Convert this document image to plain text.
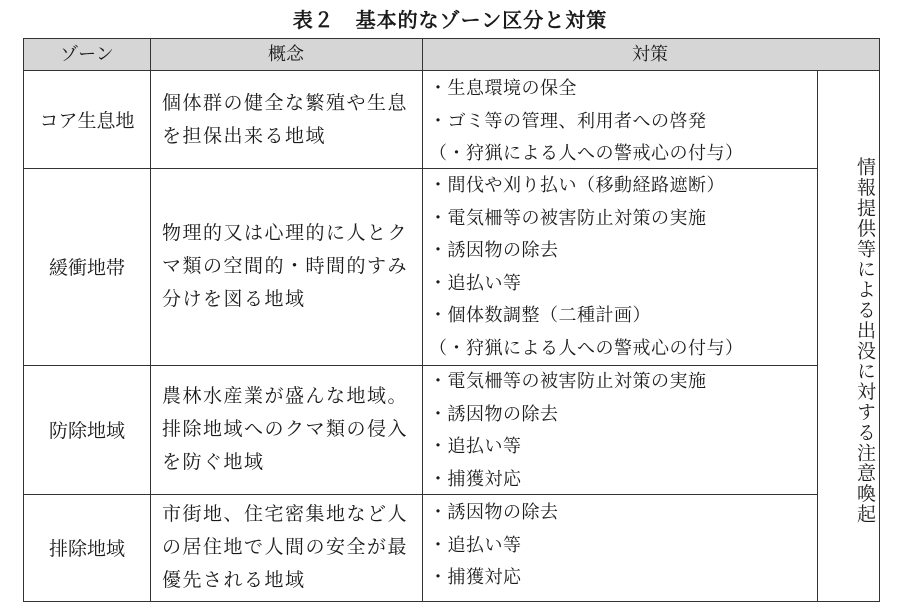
表２　基本的なゾーン区分と対策
ゾーン	概念	対策
コア生息地
個体群の健全な繁殖や生息を担保出来る地域
・生息環境の保全
・ゴミ等の管理、利用者への啓発
（・狩猟による人への警戒心の付与）
緩衝地帯
物理的又は心理的に人とクマ類の空間的・時間的すみ分けを図る地域
・間伐や刈り払い（移動経路遮断）
・電気柵等の被害防止対策の実施
・誘因物の除去
・追払い等
・個体数調整（二種計画）
（・狩猟による人への警戒心の付与）
防除地域
農林水産業が盛んな地域。排除地域へのクマ類の侵入を防ぐ地域
・電気柵等の被害防止対策の実施
・誘因物の除去
・追払い等
・捕獲対応
排除地域
市街地、住宅密集地など人の居住地で人間の安全が最優先される地域
・誘因物の除去
・追払い等
・捕獲対応
情報提供等による出没に対する注意喚起
